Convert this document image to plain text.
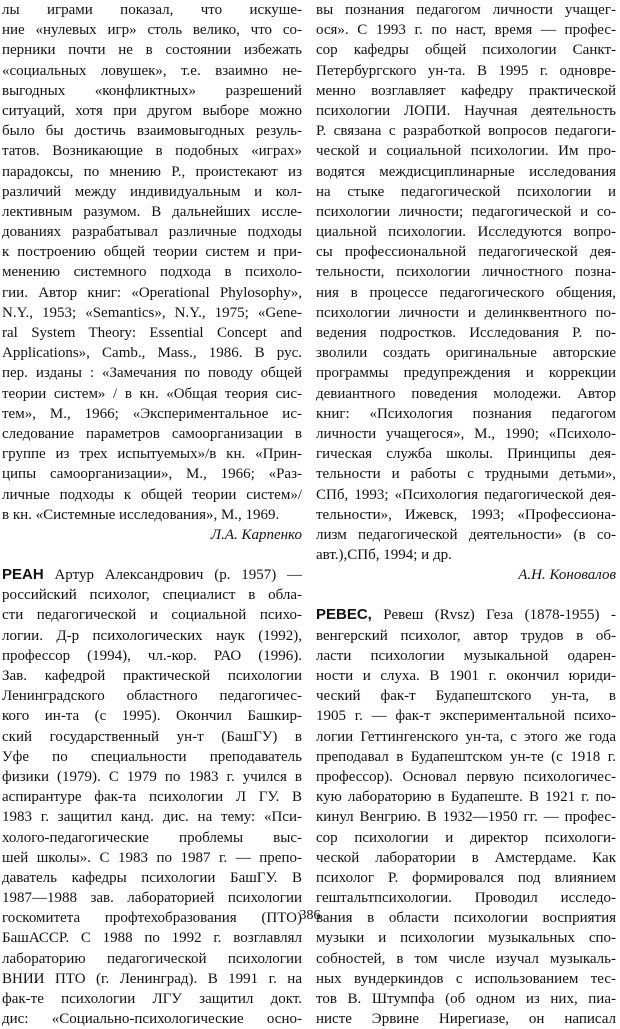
лы играми показал, что искуше-
ние «нулевых игр» столь велико, что со-
перники почти не в состоянии избежать
«социальных ловушек», т.е. взаимно не-
выгодных «конфликтных» разрешений
ситуаций, хотя при другом выборе можно
было бы достичь взаимовыгодных резуль-
татов. Возникающие в подобных «играх»
парадоксы, по мнению Р., проистекают из
различий между индивидуальным и кол-
лективным разумом. В дальнейших иссле-
дованиях разрабатывал различные подходы
к построению общей теории систем и при-
менению системного подхода в психоло-
гии. Автор книг: «Operational Phylosophy»,
N.Y., 1953; «Semantics», N.Y., 1975; «Gene-
ral System Theory: Essential Concept and
Applications», Camb., Mass., 1986. В рус.
пер. изданы : «Замечания по поводу общей
теории систем» / в кн. «Общая теория сис-
тем», М., 1966; «Экспериментальное ис-
следование параметров самоорганизации в
группе из трех испытуемых»/в кн. «Прин-
ципы самоорганизации», М., 1966; «Раз-
личные подходы к общей теории систем»/
в кн. «Системные исследования», М., 1969.
Л.А. Карпенко
РЕАН Артур Александрович (р. 1957) —
российский психолог, специалист в обла-
сти педагогической и социальной психо-
логии. Д-р психологических наук (1992),
профессор (1994), чл.-кор. РАО (1996).
Зав. кафедрой практической психологии
Ленинградского областного педагогичес-
кого ин-та (с 1995). Окончил Башкир-
ский государственный ун-т (БашГУ) в
Уфе по специальности преподаватель
физики (1979). С 1979 по 1983 г. учился в
аспирантуре фак-та психологии Л ГУ. В
1983 г. защитил канд. дис. на тему: «Пси-
холого-педагогические проблемы выс-
шей школы». С 1983 по 1987 г. — препо-
даватель кафедры психологии БашГУ. В
1987—1988 зав. лабораторией психологии
госкомитета профтехобразования (ПТО)
БашАССР. С 1988 по 1992 г. возглавлял
лабораторию педагогической психологии
ВНИИ ПТО (г. Ленинград). В 1991 г. на
фак-те психологии ЛГУ защитил докт.
дис: «Социально-психологические осно-
вы познания педагогом личности учащег-
ося». С 1993 г. по наст, время — профес-
сор кафедры общей психологии Санкт-
Петербургского ун-та. В 1995 г. одновре-
менно возглавляет кафедру практической
психологии ЛОПИ. Научная деятельность
Р. связана с разработкой вопросов педагоги-
ческой и социальной психологии. Им про-
водятся междисциплинарные исследования
на стыке педагогической психологии и
психологии личности; педагогической и со-
циальной психологии. Исследуются вопро-
сы профессиональной педагогической дея-
тельности, психологии личностного позна-
ния в процессе педагогического общения,
психологии личности и делинквентного по-
ведения подростков. Исследования Р. по-
зволили создать оригинальные авторские
программы предупреждения и коррекции
девиантного поведения молодежи. Автор
книг: «Психология познания педагогом
личности учащегося», М., 1990; «Психоло-
гическая служба школы. Принципы дея-
тельности и работы с трудными детьми»,
СПб, 1993; «Психология педагогической дея-
тельности», Ижевск, 1993; «Профессиона-
лизм педагогической деятельности» (в со-
авт.),СПб, 1994; и др.
А.Н. Коновалов
РЕВЕС, Ревеш (Rvsz) Геза (1878-1955) -
венгерский психолог, автор трудов в об-
ласти психологии музыкальной одарен-
ности и слуха. В 1901 г. окончил юриди-
ческий фак-т Будапештского ун-та, в
1905 г. — фак-т экспериментальной психо-
логии Геттингенского ун-та, с этого же года
преподавал в Будапештском ун-те (с 1918 г.
профессор). Основал первую психологичес-
кую лабораторию в Будапеште. В 1921 г. по-
кинул Венгрию. В 1932—1950 гг. — профес-
сор психологии и директор психологи-
ческой лаборатории в Амстердаме. Как
психолог Р. формировался под влиянием
гештальтпсихологии. Проводил исследо-
вания в области психологии восприятия
музыки и психологии музыкальных спо-
собностей, в том числе изучал музыкаль-
ных вундеркиндов с использованием тес-
тов В. Штумпфа (об одном из них, пиа-
нисте Эрвине Нирегиазе, он написал
386
